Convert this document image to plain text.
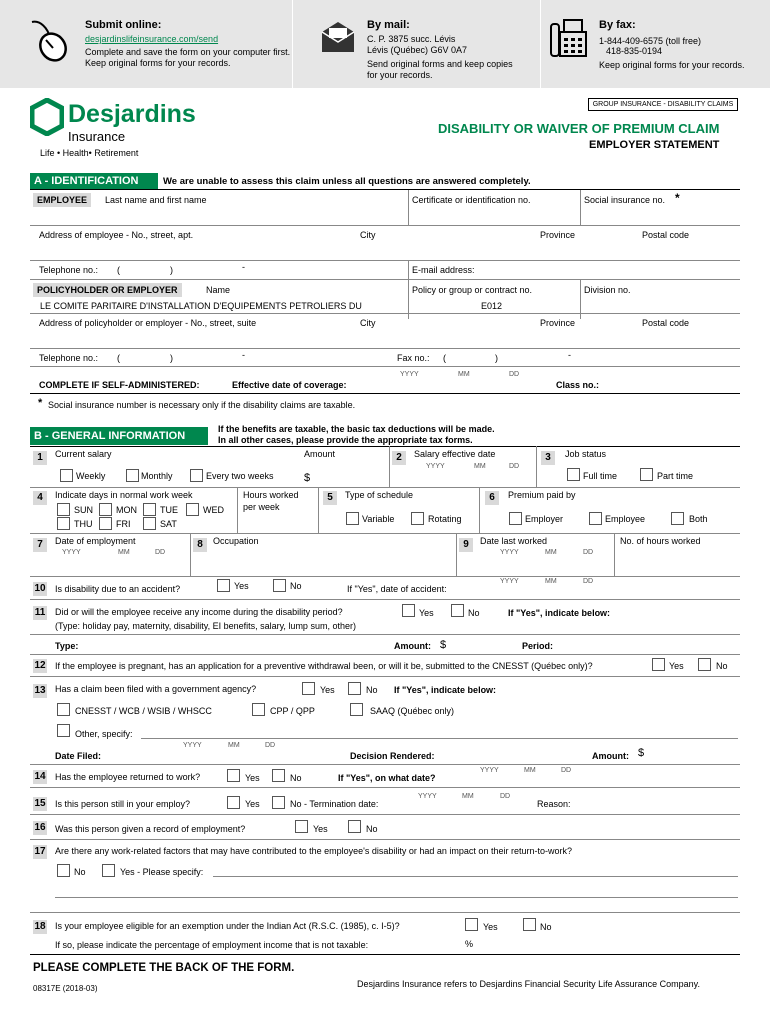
Submit online:
desjardinslifeinsurance.com/send
Complete and save the form on your computer first.
Keep original forms for your records.
By mail:
C. P. 3875 succ. Lévis
Lévis (Québec) G6V 0A7
Send original forms and keep copies
for your records.
By fax:
1-844-409-6575 (toll free)
418-835-0194
Keep original forms for your records.
Desjardins
Insurance
Life • Health• Retirement
GROUP INSURANCE - DISABILITY CLAIMS
DISABILITY OR WAIVER OF PREMIUM CLAIM
EMPLOYER STATEMENT
A - IDENTIFICATION	We are unable to assess this claim unless all questions are answered completely.
EMPLOYEE	Last name and first name	Certificate or identification no.	Social insurance no. *
Address of employee - No., street, apt.	City	Province	Postal code
Telephone no.: (	)	-	E-mail address:
POLICYHOLDER OR EMPLOYER	Name	Policy or group or contract no.	Division no.
LE COMITE PARITAIRE D'INSTALLATION D'EQUIPEMENTS PETROLIERS DU	E012
Address of policyholder or employer - No., street, suite	City	Province	Postal code
Telephone no.: (	)	-	Fax no.: (	)	-
YYYY	MM	DD
COMPLETE IF SELF-ADMINISTERED:	Effective date of coverage:	Class no.:
* Social insurance number is necessary only if the disability claims are taxable.
B - GENERAL INFORMATION
If the benefits are taxable, the basic tax deductions will be made.
In all other cases, please provide the appropriate tax forms.
1	Current salary	Amount
Weekly	Monthly	Every two weeks	$
2	Salary effective date
YYYY	MM	DD
3	Job status
Full time	Part time
4	Indicate days in normal work week
SUN	MON	TUE	WED
THU	FRI	SAT
Hours worked
per week
5	Type of schedule
Variable	Rotating
6	Premium paid by
Employer	Employee	Both
7	Date of employment
YYYY	MM	DD
8	Occupation	9	Date last worked
YYYY	MM	DD
No. of hours worked
YYYY	MM	DD
10 Is disability due to an accident?	Yes	No	If "Yes", date of accident:
11 Did or will the employee receive any income during the disability period?
(Type: holiday pay, maternity, disability, EI benefits, salary, lump sum, other)
Yes	No	If "Yes", indicate below:
Type:	Amount: $	Period:
12 If the employee is pregnant, has an application for a preventive withdrawal been, or will it be, submitted to the CNESST (Québec only)?	Yes	No
13 Has a claim been filed with a government agency?	Yes	No If "Yes", indicate below:
CNESST / WCB / WSIB / WHSCC	CPP / QPP	SAAQ (Québec only)
Other, specify:
YYYY	MM	DD
Date Filed:	Decision Rendered:	Amount: $
YYYY	MM	DD
14 Has the employee returned to work?	Yes	No	If "Yes", on what date?
YYYY	MM	DD
15 Is this person still in your employ?	Yes	No - Termination date:	Reason:
16 Was this person given a record of employment?	Yes	No
17 Are there any work-related factors that may have contributed to the employee's disability or had an impact on their return-to-work?
No	Yes - Please specify:
18 Is your employee eligible for an exemption under the Indian Act (R.S.C. (1985), c. I-5)?	Yes	No
If so, please indicate the percentage of employment income that is not taxable:	%
PLEASE COMPLETE THE BACK OF THE FORM.
08317E (2018-03)	Desjardins Insurance refers to Desjardins Financial Security Life Assurance Company.
